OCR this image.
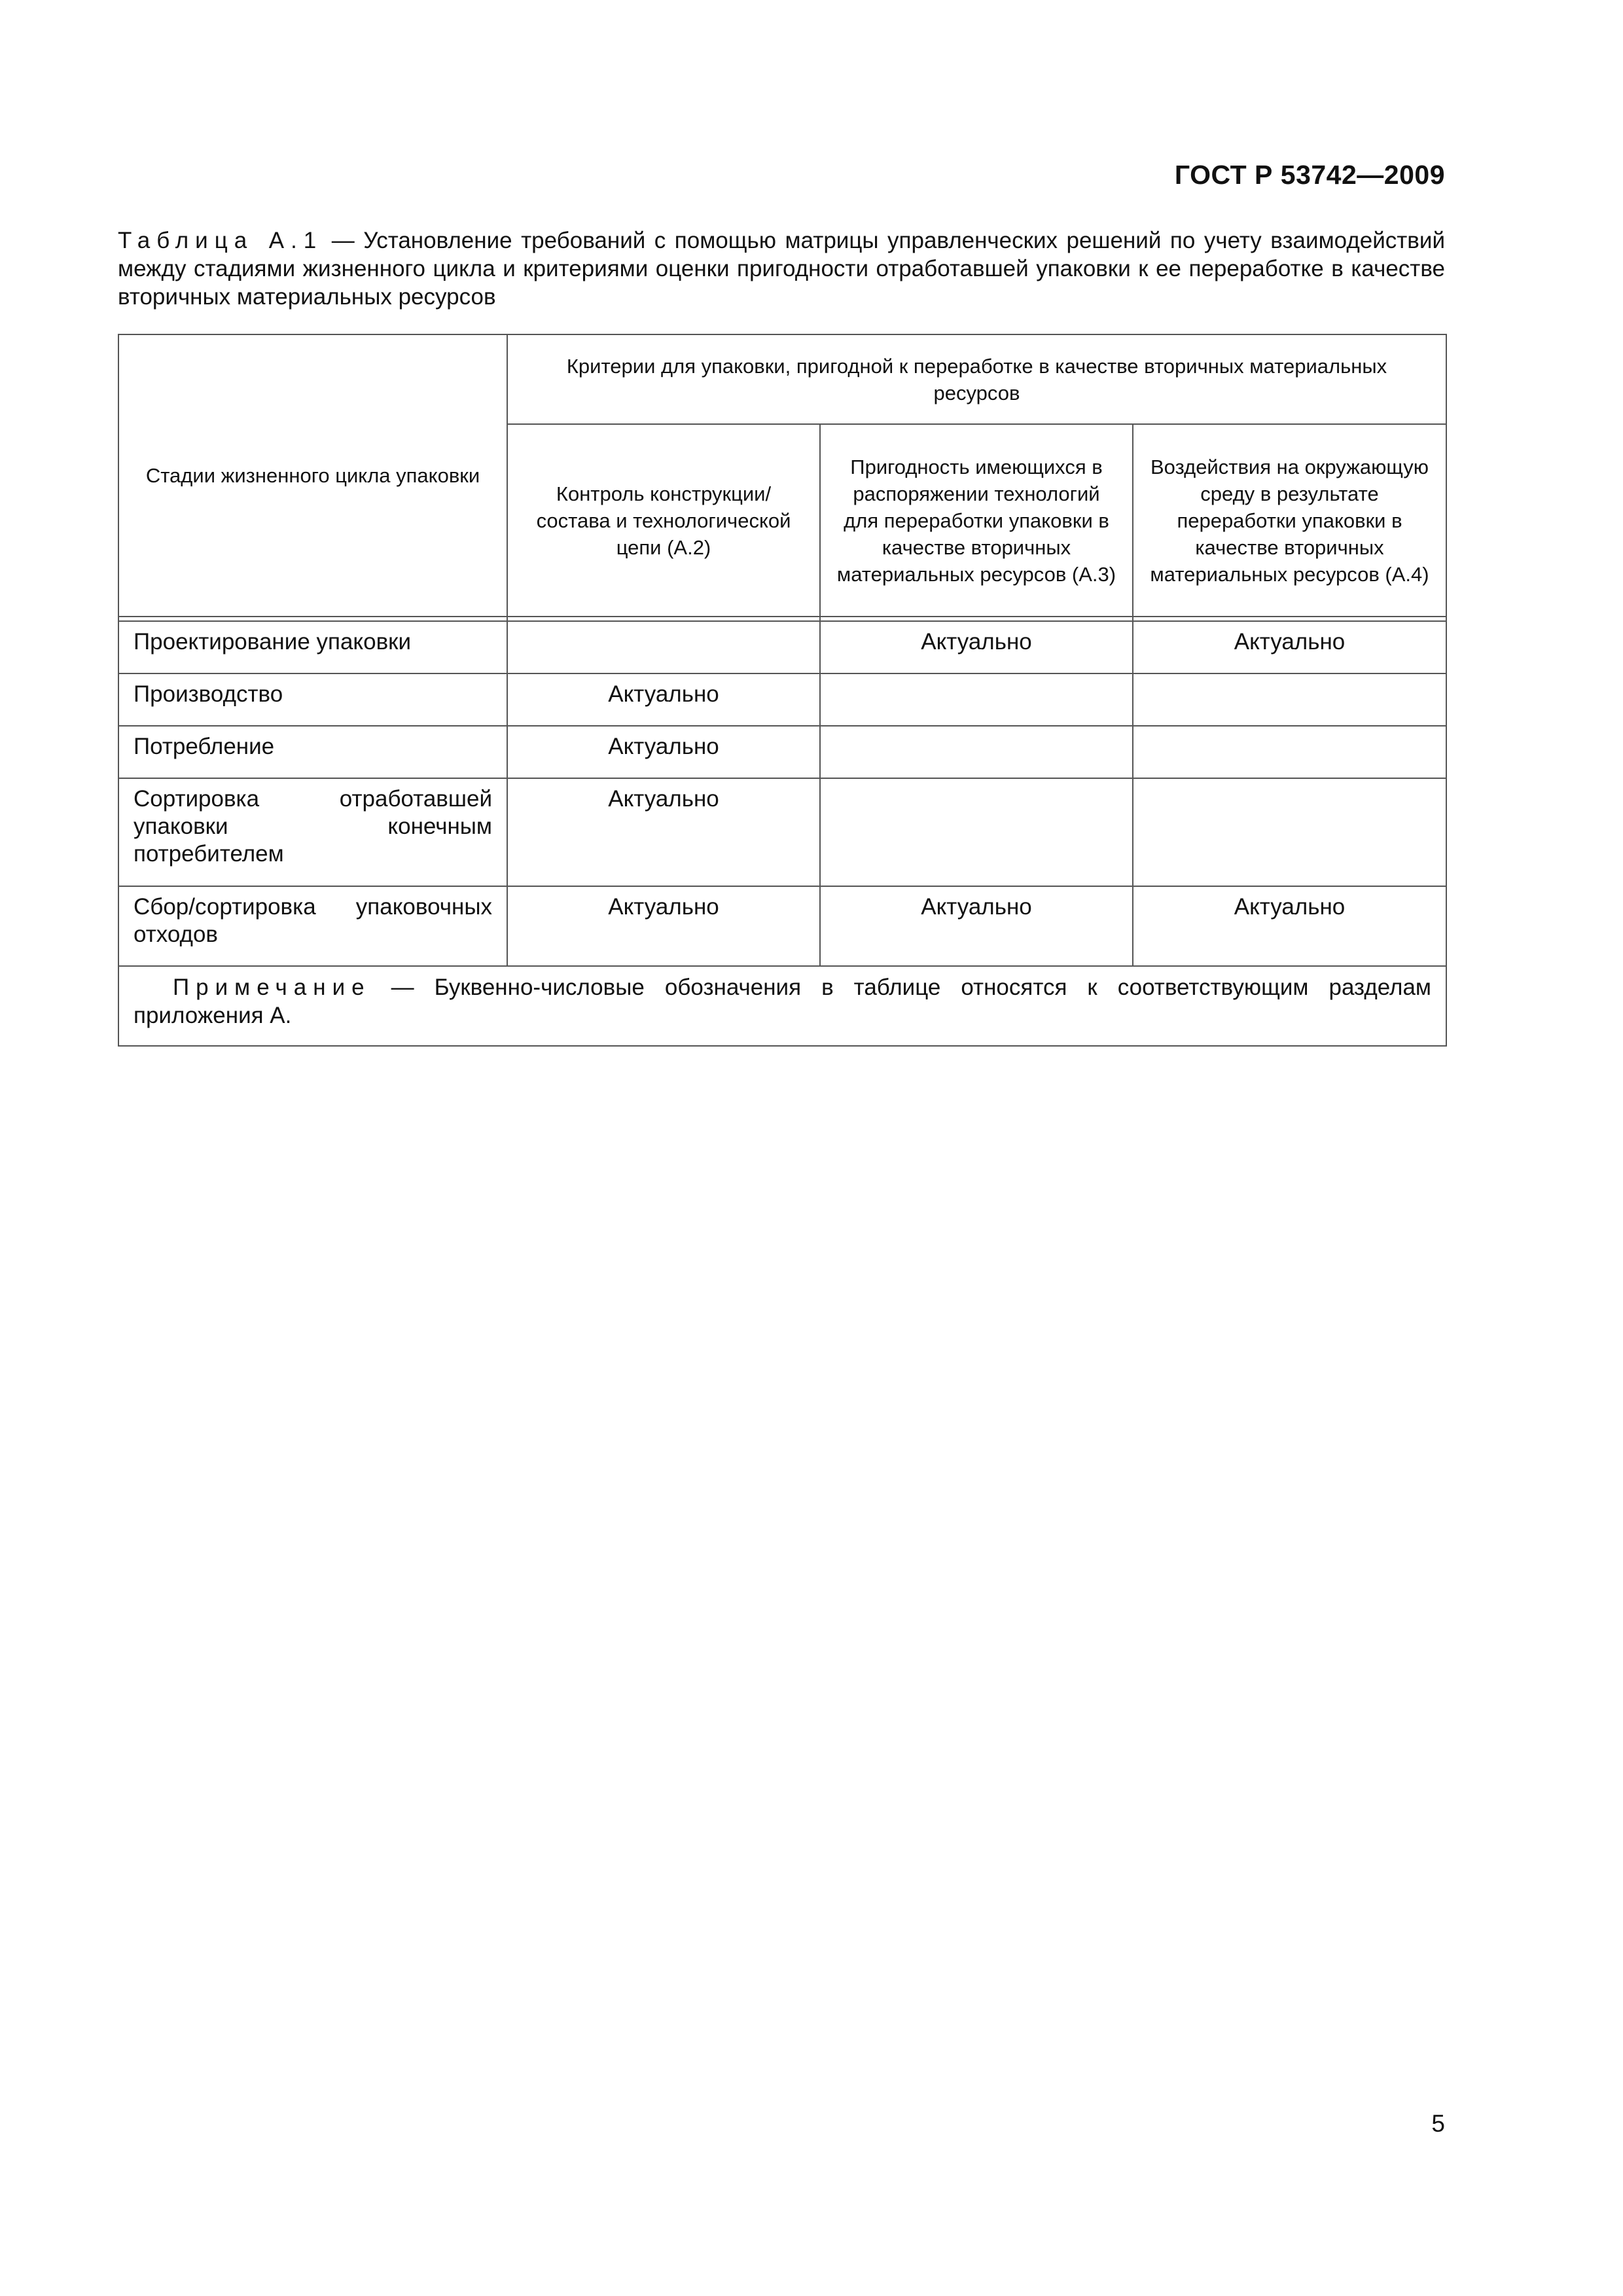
ГОСТ Р 53742—2009
Таблица А.1 — Установление требований с помощью матрицы управленческих решений по учету взаимодействий между стадиями жизненного цикла и критериями оценки пригодности отработавшей упаковки к ее переработке в качестве вторичных материальных ресурсов
Стадии жизненного цикла упаковки	Критерии для упаковки, пригодной к переработке в качестве вторичных материальных ресурсов		
	Контроль конструкции/состава и технологической цепи (А.2)	Пригодность имеющихся в распоряжении технологий для переработки упаковки в качестве вторичных материальных ресурсов (А.3)	Воздействия на окружающую среду в результате переработки упаковки в качестве вторичных материальных ресурсов (А.4)

Проектирование упаковки		Актуально	Актуально
Производство	Актуально		
Потребление	Актуально		
Сортировка отработавшей упаковки конечным потребителем	Актуально		
Сбор/сортировка упаковочных отходов	Актуально	Актуально	Актуально
Примечание — Буквенно-числовые обозначения в таблице относятся к соответствующим разделам приложения А.			
5
